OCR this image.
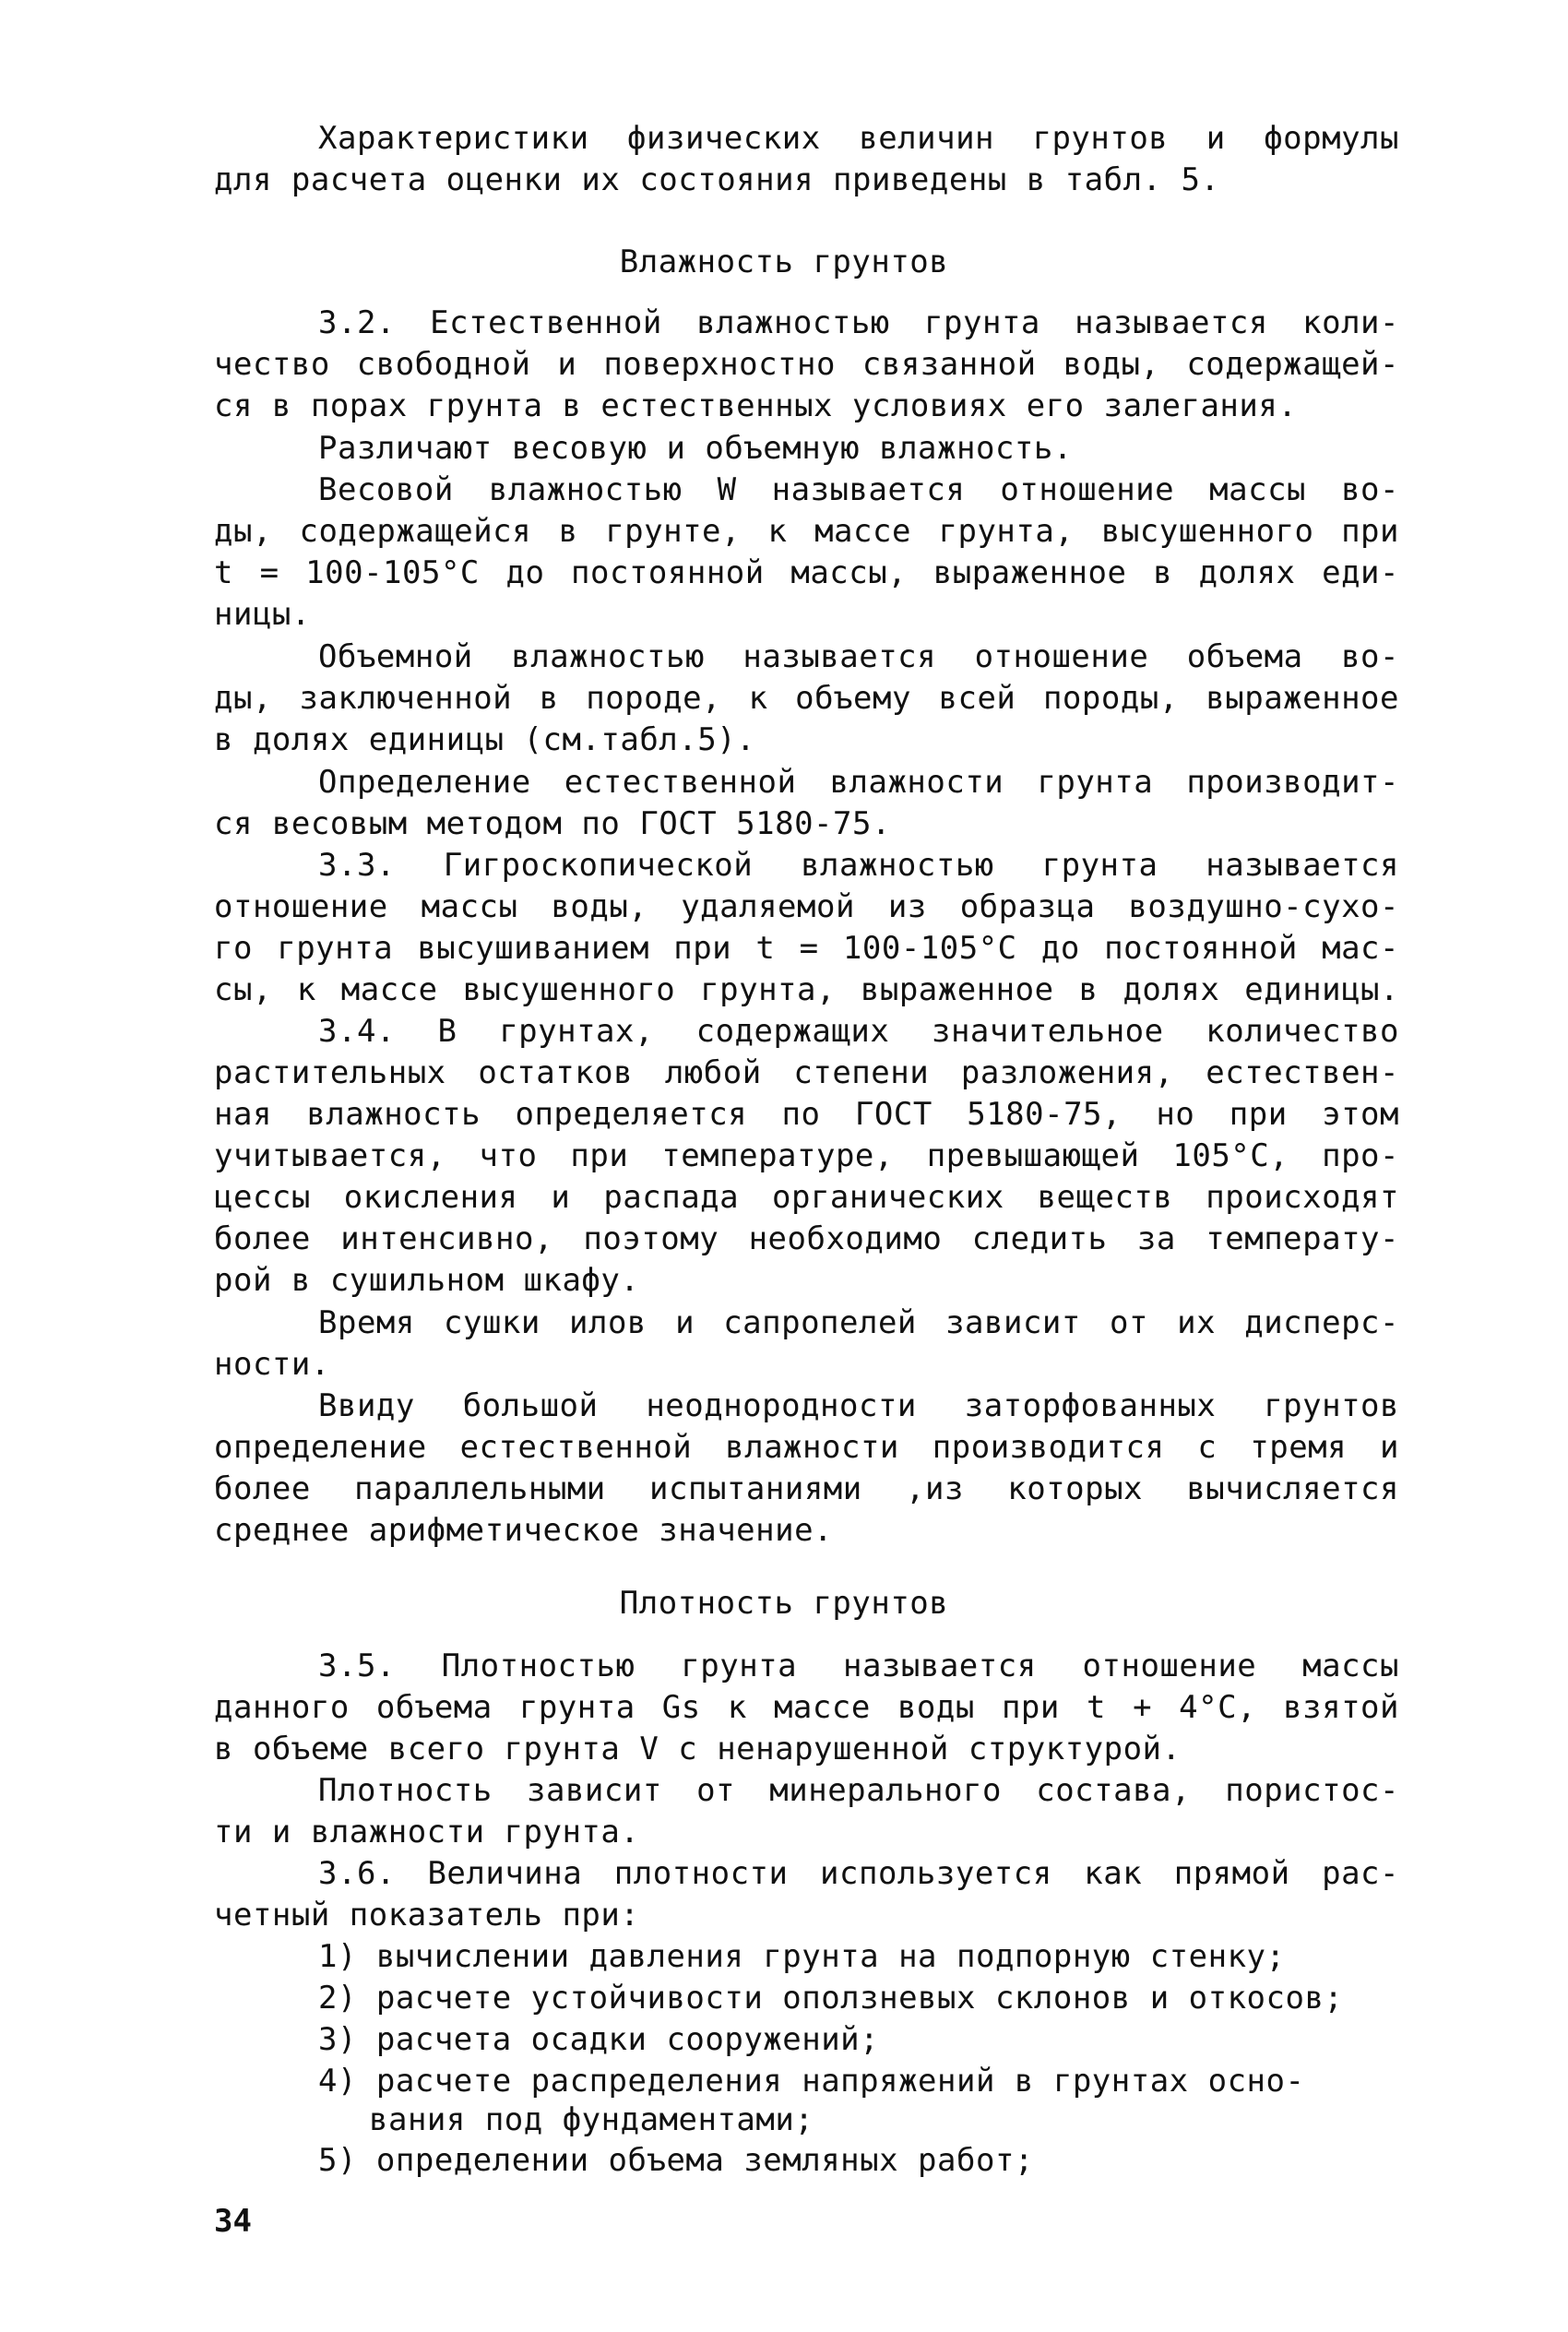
Характеристики физических величин грунтов и формулы
для расчета оценки их состояния приведены в табл. 5.
Влажность грунтов
3.2. Естественной влажностью грунта называется коли-
чество свободной и поверхностно связанной воды, содержащей-
ся в порах грунта в естественных условиях его залегания.
Различают весовую и объемную влажность.
Весовой влажностью W называется отношение массы во-
ды, содержащейся в грунте, к массе грунта, высушенного при
t = 100-105°С до постоянной массы, выраженное в долях еди-
ницы.
Объемной влажностью называется отношение объема во-
ды, заключенной в породе, к объему всей породы, выраженное
в долях единицы (см.табл.5).
Определение естественной влажности грунта производит-
ся весовым методом по ГОСТ 5180-75.
3.3. Гигроскопической влажностью грунта называется
отношение массы воды, удаляемой из образца воздушно-сухо-
го грунта высушиванием при t = 100-105°С до постоянной мас-
сы, к массе высушенного грунта, выраженное в долях единицы.
3.4. В грунтах, содержащих значительное количество
растительных остатков любой степени разложения, естествен-
ная влажность определяется по ГОСТ 5180-75, но при этом
учитывается, что при температуре, превышающей 105°С, про-
цессы окисления и распада органических веществ происходят
более интенсивно, поэтому необходимо следить за температу-
рой в сушильном шкафу.
Время сушки илов и сапропелей зависит от их дисперс-
ности.
Ввиду большой неоднородности заторфованных грунтов
определение естественной влажности производится с тремя и
более параллельными испытаниями ,из которых вычисляется
среднее арифметическое значение.
Плотность грунтов
3.5. Плотностью грунта называется отношение массы
данного объема грунта Gs к массе воды при t + 4°С, взятой
в объеме всего грунта V с ненарушенной структурой.
Плотность зависит от минерального состава, пористос-
ти и влажности грунта.
3.6. Величина плотности используется как прямой рас-
четный показатель при:
1) вычислении давления грунта на подпорную стенку;
2) расчете устойчивости оползневых склонов и откосов;
3) расчета осадки сооружений;
4) расчете распределения напряжений в грунтах осно-
вания под фундаментами;
5) определении объема земляных работ;
34
